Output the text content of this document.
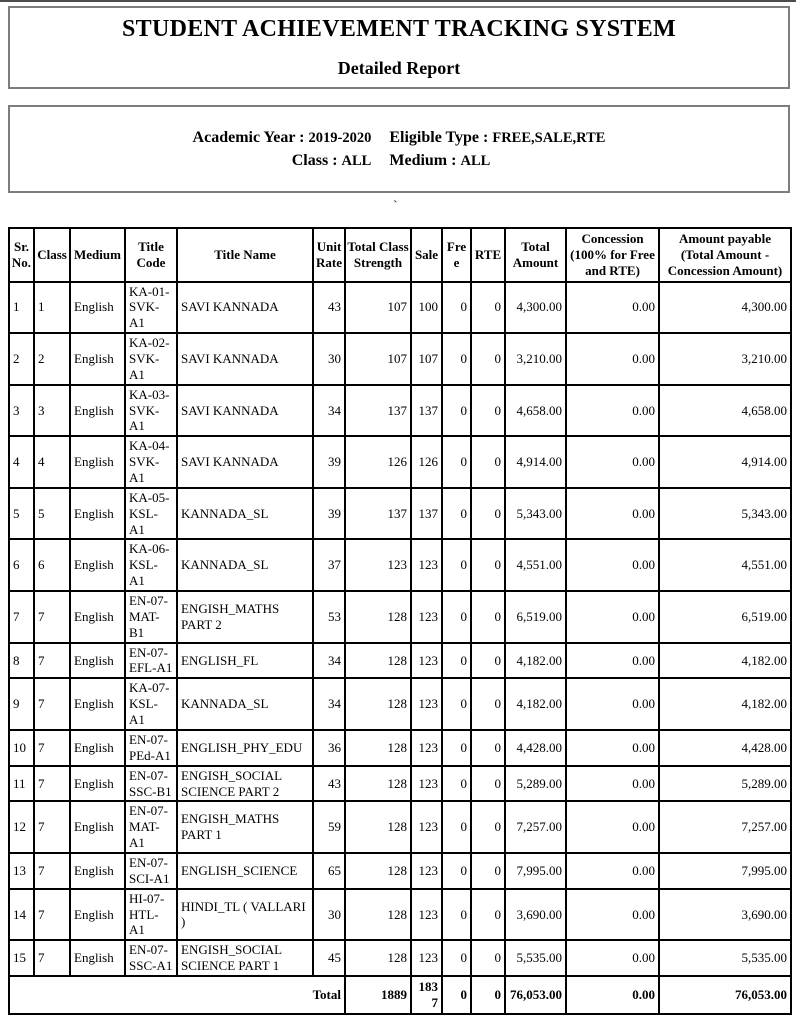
STUDENT ACHIEVEMENT TRACKING SYSTEM
Detailed Report
Academic Year : 2019-2020 Eligible Type : FREE,SALE,RTE
Class : ALL Medium : ALL
`
Sr. No.	Class	Medium	Title Code	Title Name	Unit Rate	Total Class Strength	Sale	Free	RTE	Total Amount	Concession (100% for Free and RTE)	Amount payable (Total Amount - Concession Amount)
1	1	English	KA-01-SVK-A1	SAVI KANNADA	43	107	100	0	0	4,300.00	0.00	4,300.00
2	2	English	KA-02-SVK-A1	SAVI KANNADA	30	107	107	0	0	3,210.00	0.00	3,210.00
3	3	English	KA-03-SVK-A1	SAVI KANNADA	34	137	137	0	0	4,658.00	0.00	4,658.00
4	4	English	KA-04-SVK-A1	SAVI KANNADA	39	126	126	0	0	4,914.00	0.00	4,914.00
5	5	English	KA-05-KSL-A1	KANNADA_SL	39	137	137	0	0	5,343.00	0.00	5,343.00
6	6	English	KA-06-KSL-A1	KANNADA_SL	37	123	123	0	0	4,551.00	0.00	4,551.00
7	7	English	EN-07-MAT-B1	ENGISH_MATHS PART 2	53	128	123	0	0	6,519.00	0.00	6,519.00
8	7	English	EN-07-EFL-A1	ENGLISH_FL	34	128	123	0	0	4,182.00	0.00	4,182.00
9	7	English	KA-07-KSL-A1	KANNADA_SL	34	128	123	0	0	4,182.00	0.00	4,182.00
10	7	English	EN-07-PEd-A1	ENGLISH_PHY_EDU	36	128	123	0	0	4,428.00	0.00	4,428.00
11	7	English	EN-07-SSC-B1	ENGISH_SOCIAL SCIENCE PART 2	43	128	123	0	0	5,289.00	0.00	5,289.00
12	7	English	EN-07-MAT-A1	ENGISH_MATHS PART 1	59	128	123	0	0	7,257.00	0.00	7,257.00
13	7	English	EN-07-SCI-A1	ENGLISH_SCIENCE	65	128	123	0	0	7,995.00	0.00	7,995.00
14	7	English	HI-07-HTL-A1	HINDI_TL ( VALLARI )	30	128	123	0	0	3,690.00	0.00	3,690.00
15	7	English	EN-07-SSC-A1	ENGISH_SOCIAL SCIENCE PART 1	45	128	123	0	0	5,535.00	0.00	5,535.00
Total						1889	1837	0	0	76,053.00	0.00	76,053.00
